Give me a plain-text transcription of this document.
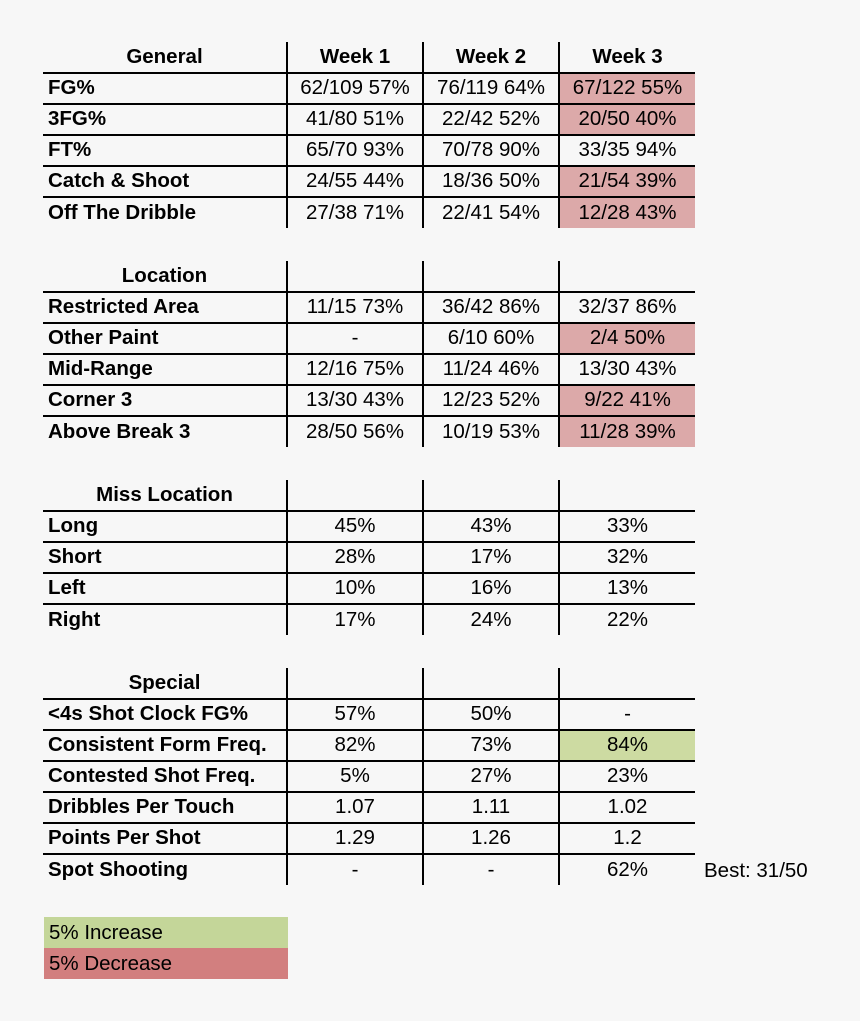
General	Week 1	Week 2	Week 3
FG%	62/109 57%	76/119 64%	67/122 55%
3FG%	41/80 51%	22/42 52%	20/50 40%
FT%	65/70 93%	70/78 90%	33/35 94%
Catch & Shoot	24/55 44%	18/36 50%	21/54 39%
Off The Dribble	27/38 71%	22/41 54%	12/28 43%
Location			
Restricted Area	11/15 73%	36/42 86%	32/37 86%
Other Paint	-	6/10 60%	2/4 50%
Mid-Range	12/16 75%	11/24 46%	13/30 43%
Corner 3	13/30 43%	12/23 52%	9/22 41%
Above Break 3	28/50 56%	10/19 53%	11/28 39%
Miss Location			
Long	45%	43%	33%
Short	28%	17%	32%
Left	10%	16%	13%
Right	17%	24%	22%
Special			
<4s Shot Clock FG%	57%	50%	-
Consistent Form Freq.	82%	73%	84%
Contested Shot Freq.	5%	27%	23%
Dribbles Per Touch	1.07	1.11	1.02
Points Per Shot	1.29	1.26	1.2
Spot Shooting	-	-	62%	Best: 31/50
5% Increase
5% Decrease
